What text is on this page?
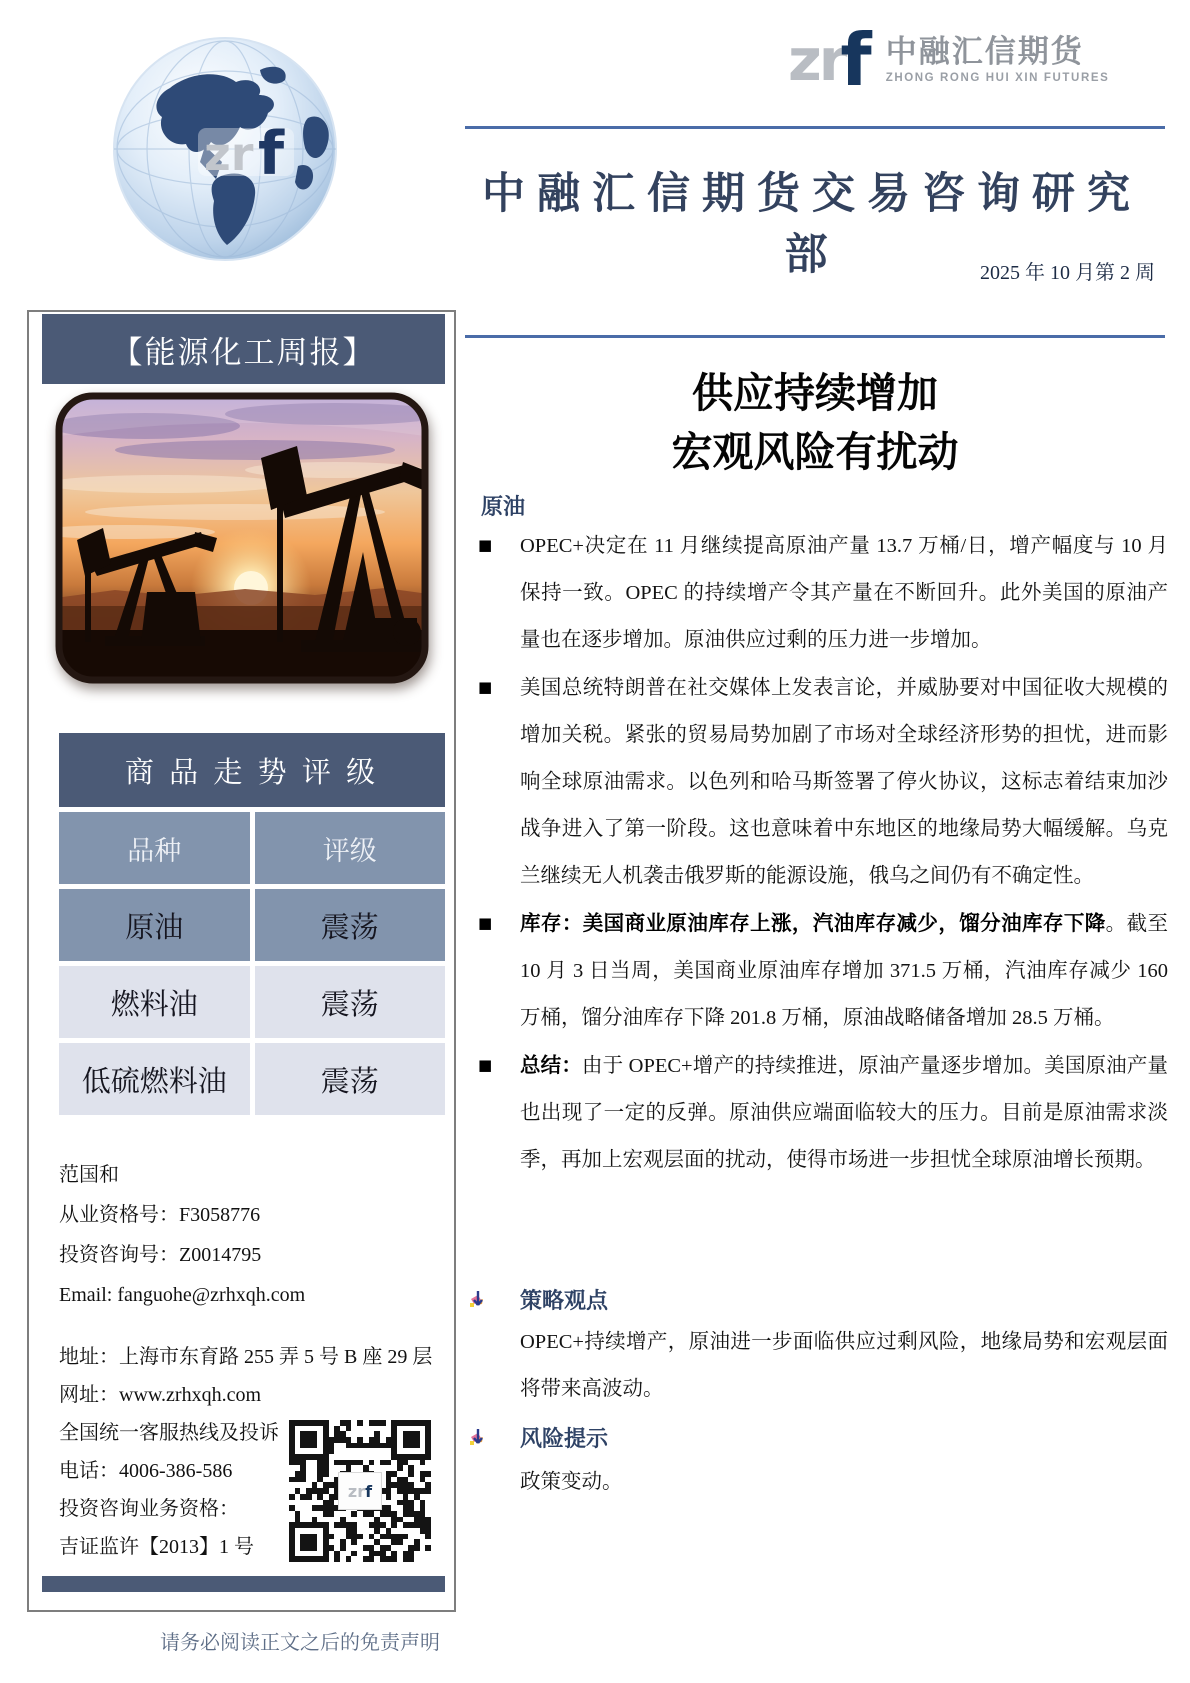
zr f
zr
f 中融汇信期货
ZHONG RONG HUI XIN FUTURES
中融汇信期货交易咨询研究部	2025 年 10 月第 2 周
【能源化工周报】
商 品 走 势 评 级
品种	评级
原油	震荡
燃料油	震荡
低硫燃料油	震荡
范国和
从业资格号：F3058776
投资咨询号：Z0014795
Email: fanguohe@zrhxqh.com
地址：上海市东育路 255 弄 5 号 B 座 29 层
网址：www.zrhxqh.com
全国统一客服热线及投诉
电话：4006-386-586
投资咨询业务资格：
吉证监许【2013】1 号
zr f
供应持续增加
宏观风险有扰动
原油
■	OPEC+决定在 11 月继续提高原油产量 13.7 万桶/日，增产幅度与 10 月保持一致。OPEC 的持续增产令其产量在不断回升。此外美国的原油产量也在逐步增加。原油供应过剩的压力进一步增加。

■	美国总统特朗普在社交媒体上发表言论，并威胁要对中国征收大规模的增加关税。紧张的贸易局势加剧了市场对全球经济形势的担忧，进而影响全球原油需求。以色列和哈马斯签署了停火协议，这标志着结束加沙战争进入了第一阶段。这也意味着中东地区的地缘局势大幅缓解。乌克兰继续无人机袭击俄罗斯的能源设施，俄乌之间仍有不确定性。

■	库存：美国商业原油库存上涨，汽油库存减少，馏分油库存下降。截至 10 月 3 日当周，美国商业原油库存增加 371.5 万桶，汽油库存减少 160 万桶，馏分油库存下降 201.8 万桶，原油战略储备增加 28.5 万桶。

■	总结：由于 OPEC+增产的持续推进，原油产量逐步增加。美国原油产量也出现了一定的反弹。原油供应端面临较大的压力。目前是原油需求淡季，再加上宏观层面的扰动，使得市场进一步担忧全球原油增长预期。

策略观点

OPEC+持续增产，原油进一步面临供应过剩风险，地缘局势和宏观层面将带来高波动。

风险提示

政策变动。

请务必阅读正文之后的免责声明
